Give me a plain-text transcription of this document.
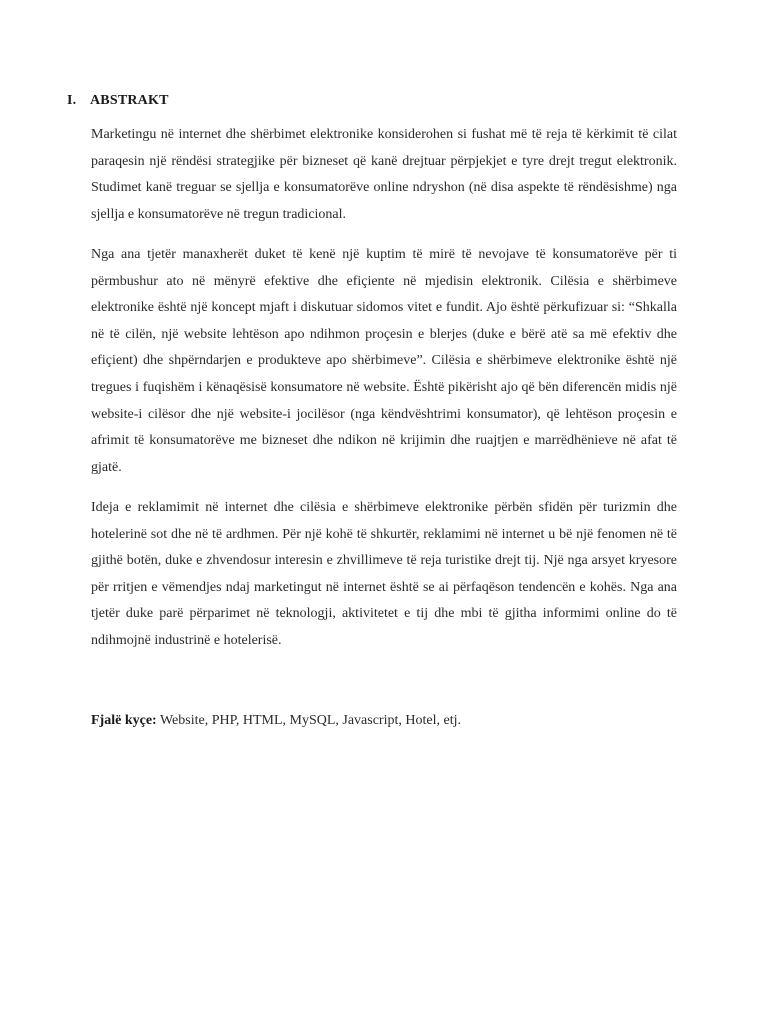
I. ABSTRAKT

Marketingu në internet dhe shërbimet elektronike konsiderohen si fushat më të reja të kërkimit të cilat paraqesin një rëndësi strategjike për bizneset që kanë drejtuar përpjekjet e tyre drejt tregut elektronik. Studimet kanë treguar se sjellja e konsumatorëve online ndryshon (në disa aspekte të rëndësishme) nga sjellja e konsumatorëve në tregun tradicional.

Nga ana tjetër manaxherët duket të kenë një kuptim të mirë të nevojave të konsumatorëve për ti përmbushur ato në mënyrë efektive dhe efiçiente në mjedisin elektronik. Cilësia e shërbimeve elektronike është një koncept mjaft i diskutuar sidomos vitet e fundit. Ajo është përkufizuar si: “Shkalla në të cilën, një website lehtëson apo ndihmon proçesin e blerjes (duke e bërë atë sa më efektiv dhe efiçient) dhe shpërndarjen e produkteve apo shërbimeve”. Cilësia e shërbimeve elektronike është një tregues i fuqishëm i kënaqësisë konsumatore në website. Është pikërisht ajo që bën diferencën midis një website-i cilësor dhe një website-i jocilësor (nga këndvështrimi konsumator), që lehtëson proçesin e afrimit të konsumatorëve me bizneset dhe ndikon në krijimin dhe ruajtjen e marrëdhënieve në afat të gjatë.

Ideja e reklamimit në internet dhe cilësia e shërbimeve elektronike përbën sfidën për turizmin dhe hotelerinë sot dhe në të ardhmen. Për një kohë të shkurtër, reklamimi në internet u bë një fenomen në të gjithë botën, duke e zhvendosur interesin e zhvillimeve të reja turistike drejt tij. Një nga arsyet kryesore për rritjen e vëmendjes ndaj marketingut në internet është se ai përfaqëson tendencën e kohës. Nga ana tjetër duke parë përparimet në teknologji, aktivitetet e tij dhe mbi të gjitha informimi online do të ndihmojnë industrinë e hotelerisë.

Fjalë kyçe: Website, PHP, HTML, MySQL, Javascript, Hotel, etj.
